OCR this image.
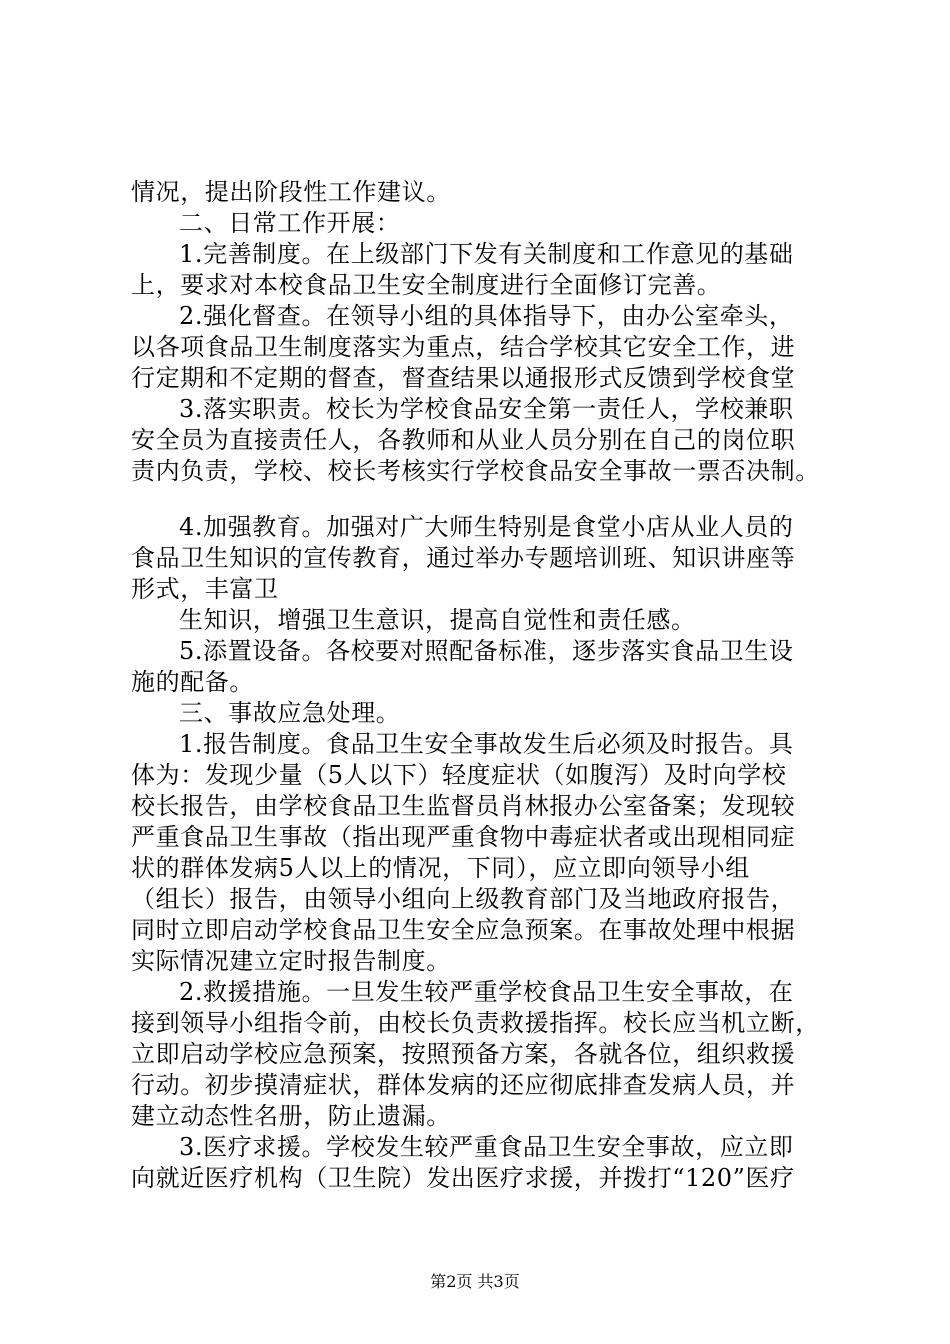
情况，提出阶段性工作建议。
二、日常工作开展：
1.完善制度。在上级部门下发有关制度和工作意见的基础
上，要求对本校食品卫生安全制度进行全面修订完善。
2.强化督查。在领导小组的具体指导下，由办公室牵头，
以各项食品卫生制度落实为重点，结合学校其它安全工作，进
行定期和不定期的督查，督查结果以通报形式反馈到学校食堂
3.落实职责。校长为学校食品安全第一责任人，学校兼职
安全员为直接责任人，各教师和从业人员分别在自己的岗位职
责内负责，学校、校长考核实行学校食品安全事故一票否决制。
4.加强教育。加强对广大师生特别是食堂小店从业人员的
食品卫生知识的宣传教育，通过举办专题培训班、知识讲座等
形式，丰富卫
生知识，增强卫生意识，提高自觉性和责任感。
5.添置设备。各校要对照配备标准，逐步落实食品卫生设
施的配备。
三、事故应急处理。
1.报告制度。食品卫生安全事故发生后必须及时报告。具
体为：发现少量（5人以下）轻度症状（如腹泻）及时向学校
校长报告，由学校食品卫生监督员肖林报办公室备案；发现较
严重食品卫生事故（指出现严重食物中毒症状者或出现相同症
状的群体发病5人以上的情况，下同），应立即向领导小组
（组长）报告，由领导小组向上级教育部门及当地政府报告，
同时立即启动学校食品卫生安全应急预案。在事故处理中根据
实际情况建立定时报告制度。
2.救援措施。一旦发生较严重学校食品卫生安全事故，在
接到领导小组指令前，由校长负责救援指挥。校长应当机立断，
立即启动学校应急预案，按照预备方案，各就各位，组织救援
行动。初步摸清症状，群体发病的还应彻底排查发病人员，并
建立动态性名册，防止遗漏。
3.医疗求援。学校发生较严重食品卫生安全事故，应立即
向就近医疗机构（卫生院）发出医疗求援，并拨打“120”医疗
第2页 共3页
